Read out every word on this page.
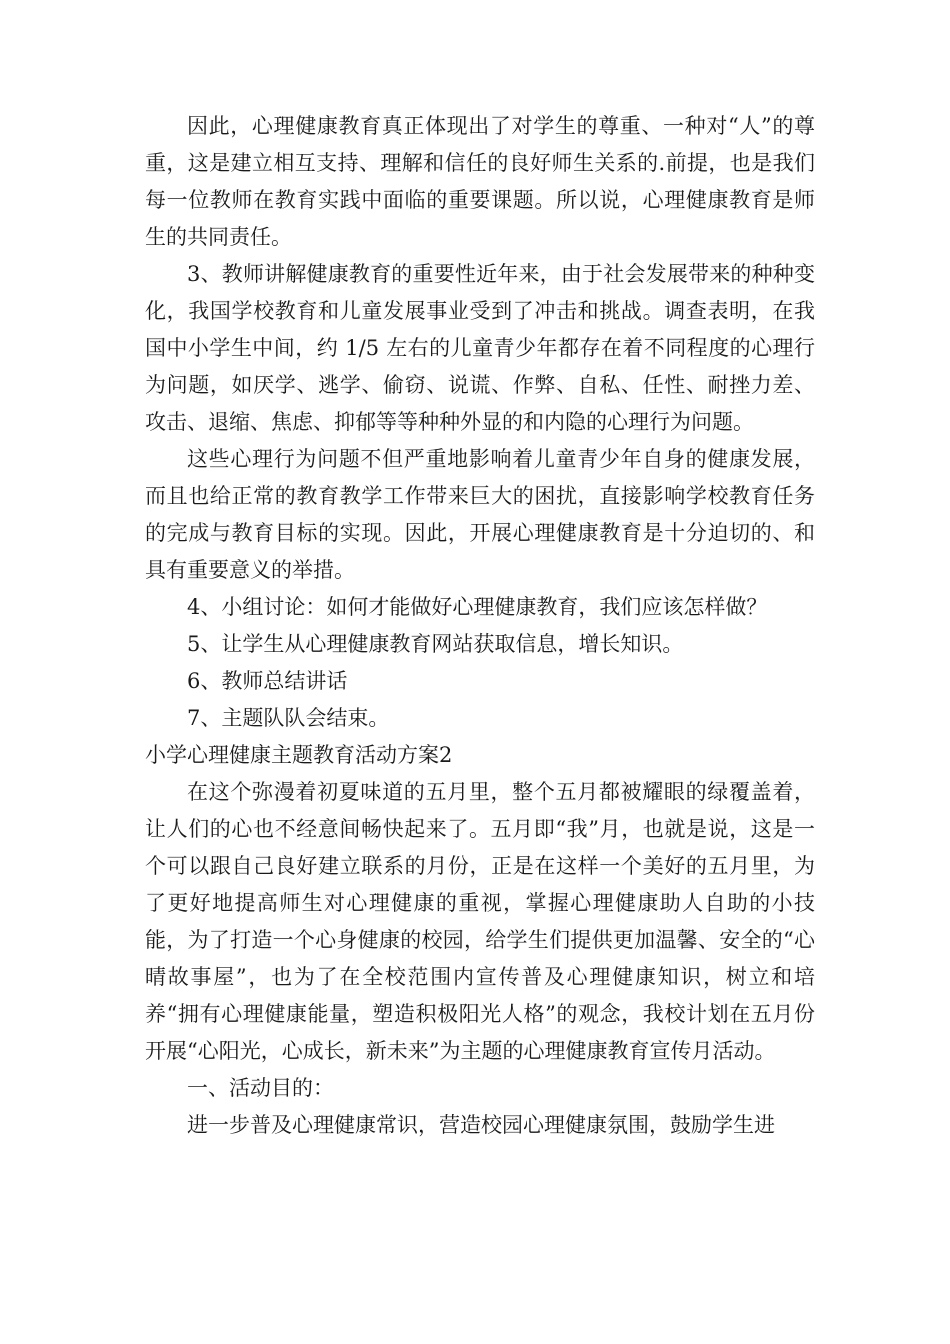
因此，心理健康教育真正体现出了对学生的尊重、一种对“人”的尊重，这是建立相互支持、理解和信任的良好师生关系的.前提，也是我们每一位教师在教育实践中面临的重要课题。所以说，心理健康教育是师生的共同责任。

3、教师讲解健康教育的重要性近年来，由于社会发展带来的种种变化，我国学校教育和儿童发展事业受到了冲击和挑战。调查表明，在我国中小学生中间，约 1/5 左右的儿童青少年都存在着不同程度的心理行为问题，如厌学、逃学、偷窃、说谎、作弊、自私、任性、耐挫力差、攻击、退缩、焦虑、抑郁等等种种外显的和内隐的心理行为问题。

这些心理行为问题不但严重地影响着儿童青少年自身的健康发展，而且也给正常的教育教学工作带来巨大的困扰，直接影响学校教育任务的完成与教育目标的实现。因此，开展心理健康教育是十分迫切的、和具有重要意义的举措。

4、小组讨论：如何才能做好心理健康教育，我们应该怎样做？

5、让学生从心理健康教育网站获取信息，增长知识。

6、教师总结讲话

7、主题队队会结束。

小学心理健康主题教育活动方案2

在这个弥漫着初夏味道的五月里，整个五月都被耀眼的绿覆盖着，让人们的心也不经意间畅快起来了。五月即“我”月，也就是说，这是一个可以跟自己良好建立联系的月份，正是在这样一个美好的五月里，为了更好地提高师生对心理健康的重视，掌握心理健康助人自助的小技能，为了打造一个心身健康的校园，给学生们提供更加温馨、安全的“心晴故事屋”，也为了在全校范围内宣传普及心理健康知识，树立和培养“拥有心理健康能量，塑造积极阳光人格”的观念，我校计划在五月份开展“心阳光，心成长，新未来”为主题的心理健康教育宣传月活动。

一、活动目的：

进一步普及心理健康常识，营造校园心理健康氛围，鼓励学生进
